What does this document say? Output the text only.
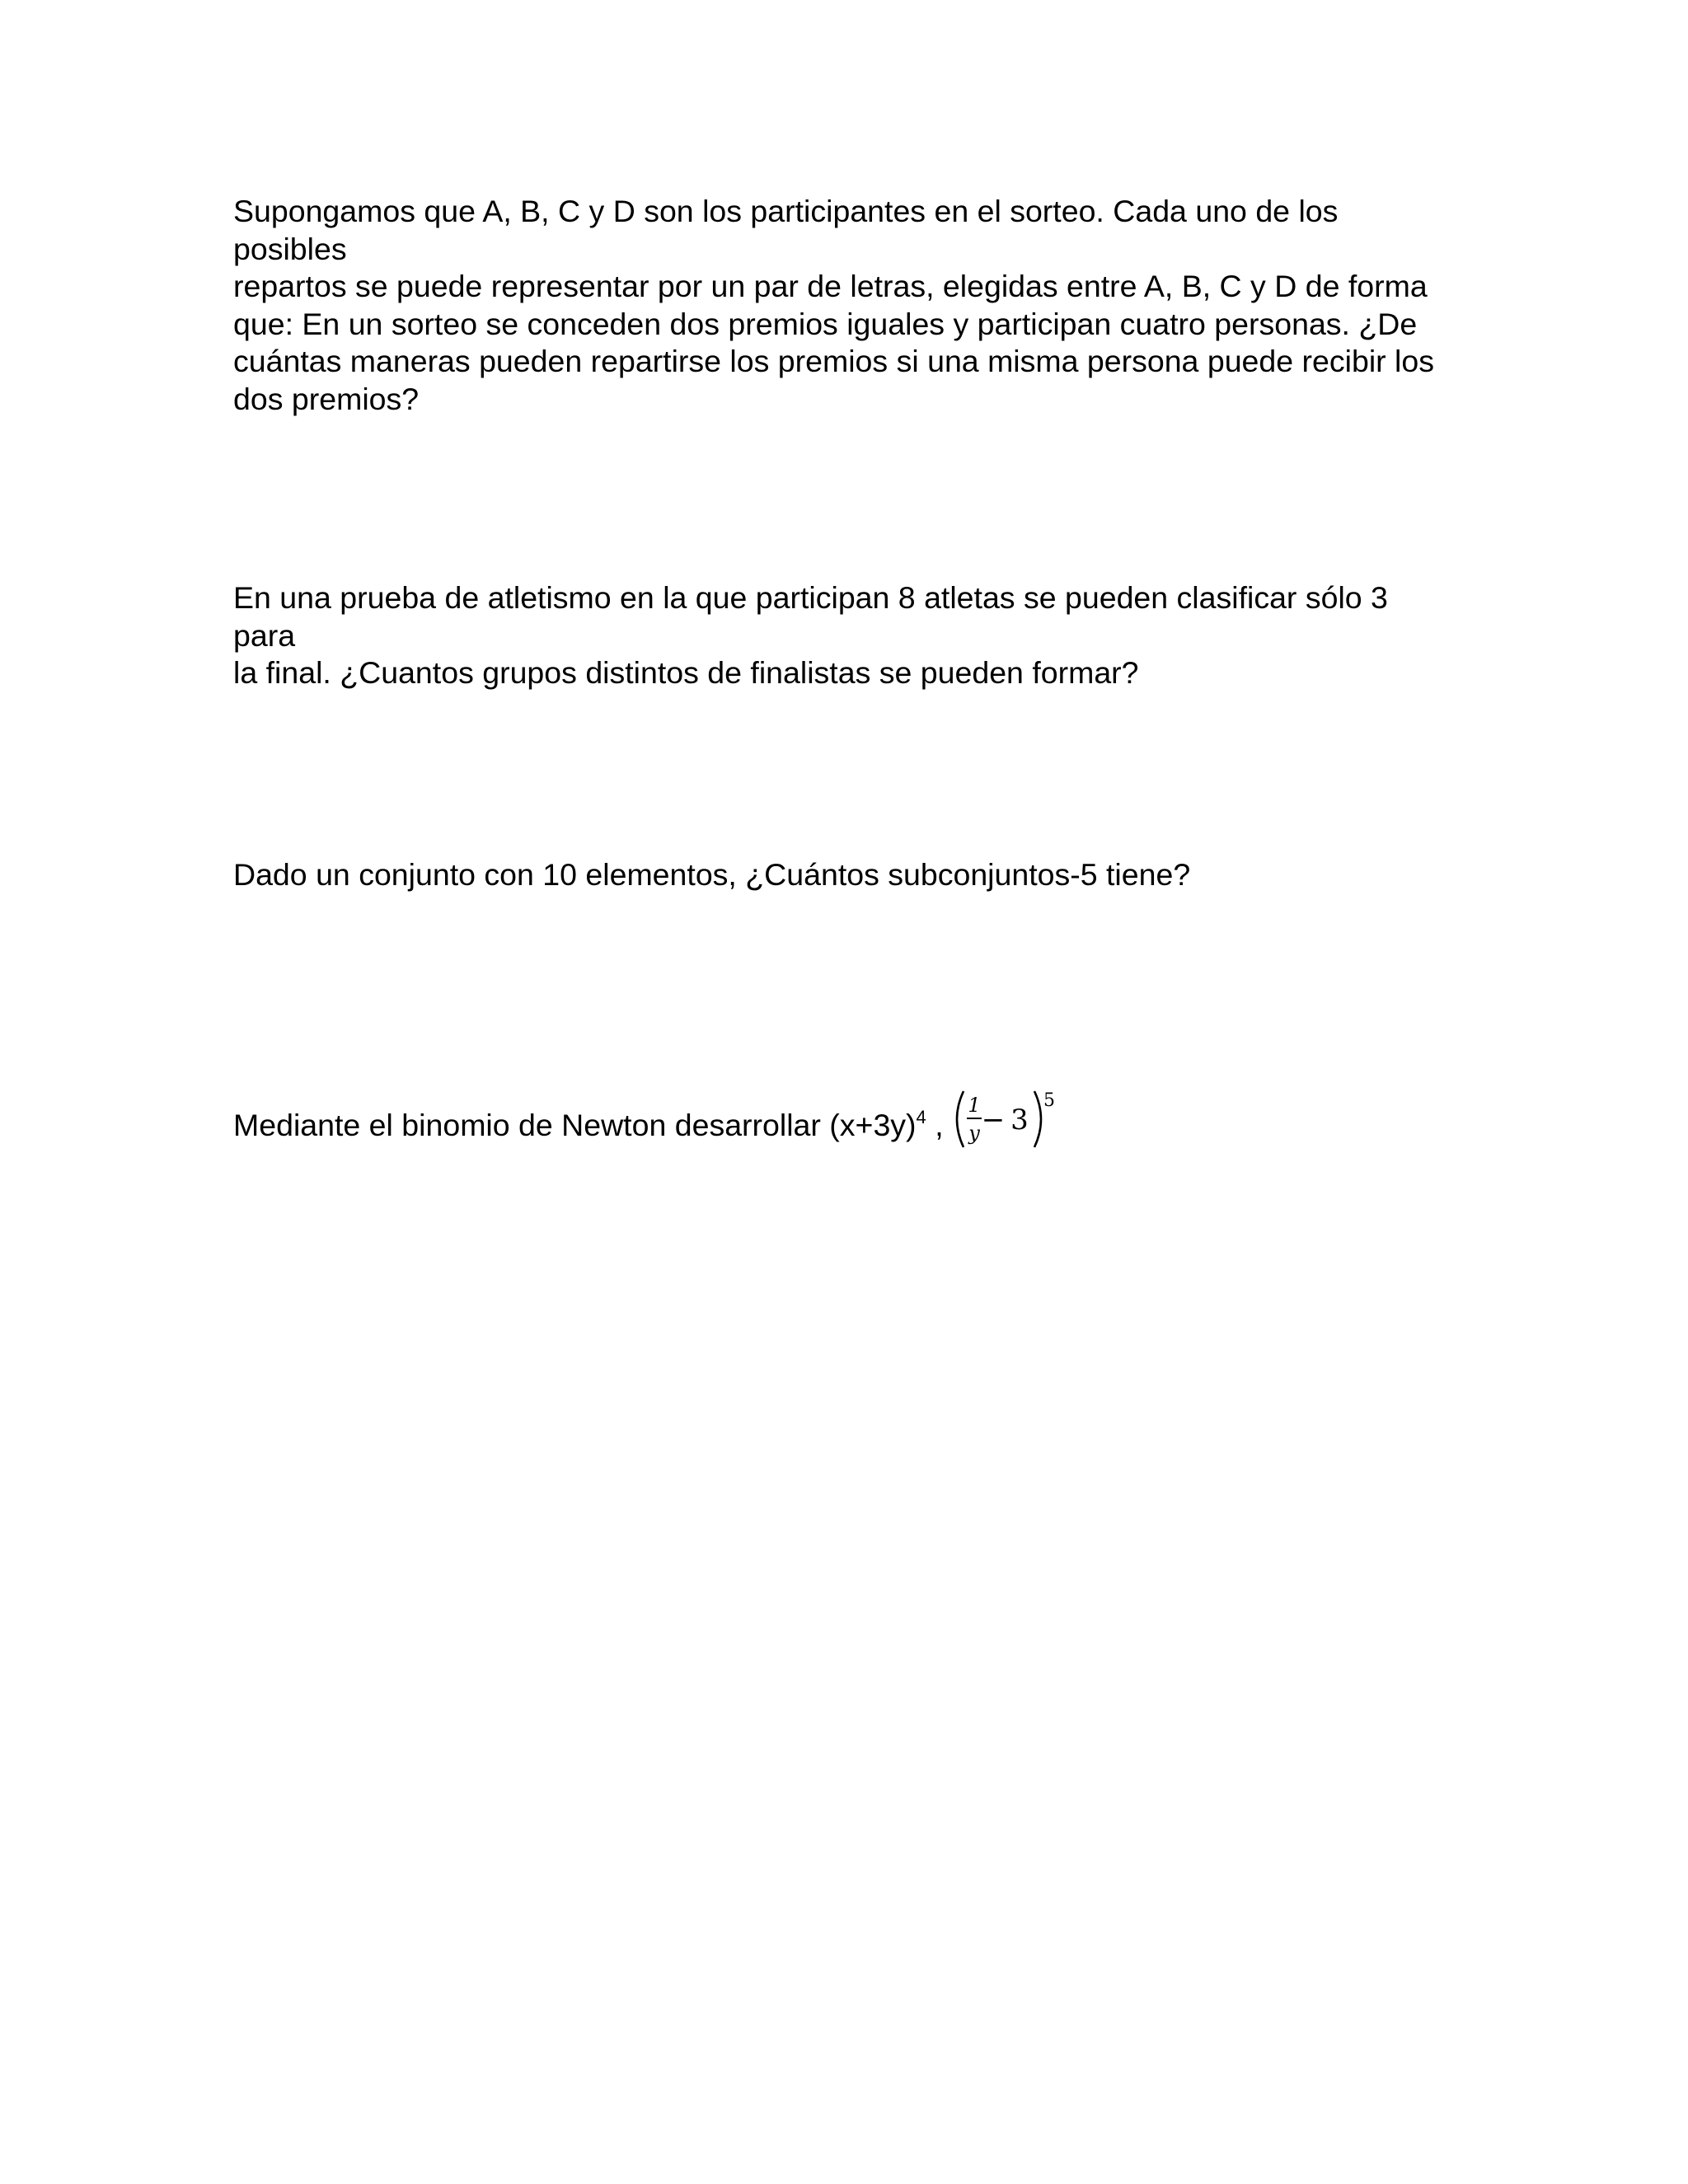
Supongamos que A, B, C y D son los participantes en el sorteo. Cada uno de los posibles
repartos se puede representar por un par de letras, elegidas entre A, B, C y D de forma
que: En un sorteo se conceden dos premios iguales y participan cuatro personas. ¿De
cuántas maneras pueden repartirse los premios si una misma persona puede recibir los
dos premios?

En una prueba de atletismo en la que participan 8 atletas se pueden clasificar sólo 3 para
la final. ¿Cuantos grupos distintos de finalistas se pueden formar?

Dado un conjunto con 10 elementos, ¿Cuántos subconjuntos-5 tiene?

Mediante el binomio de Newton desarrollar $(x+3y)^4$ ,
1
y − 3
5
